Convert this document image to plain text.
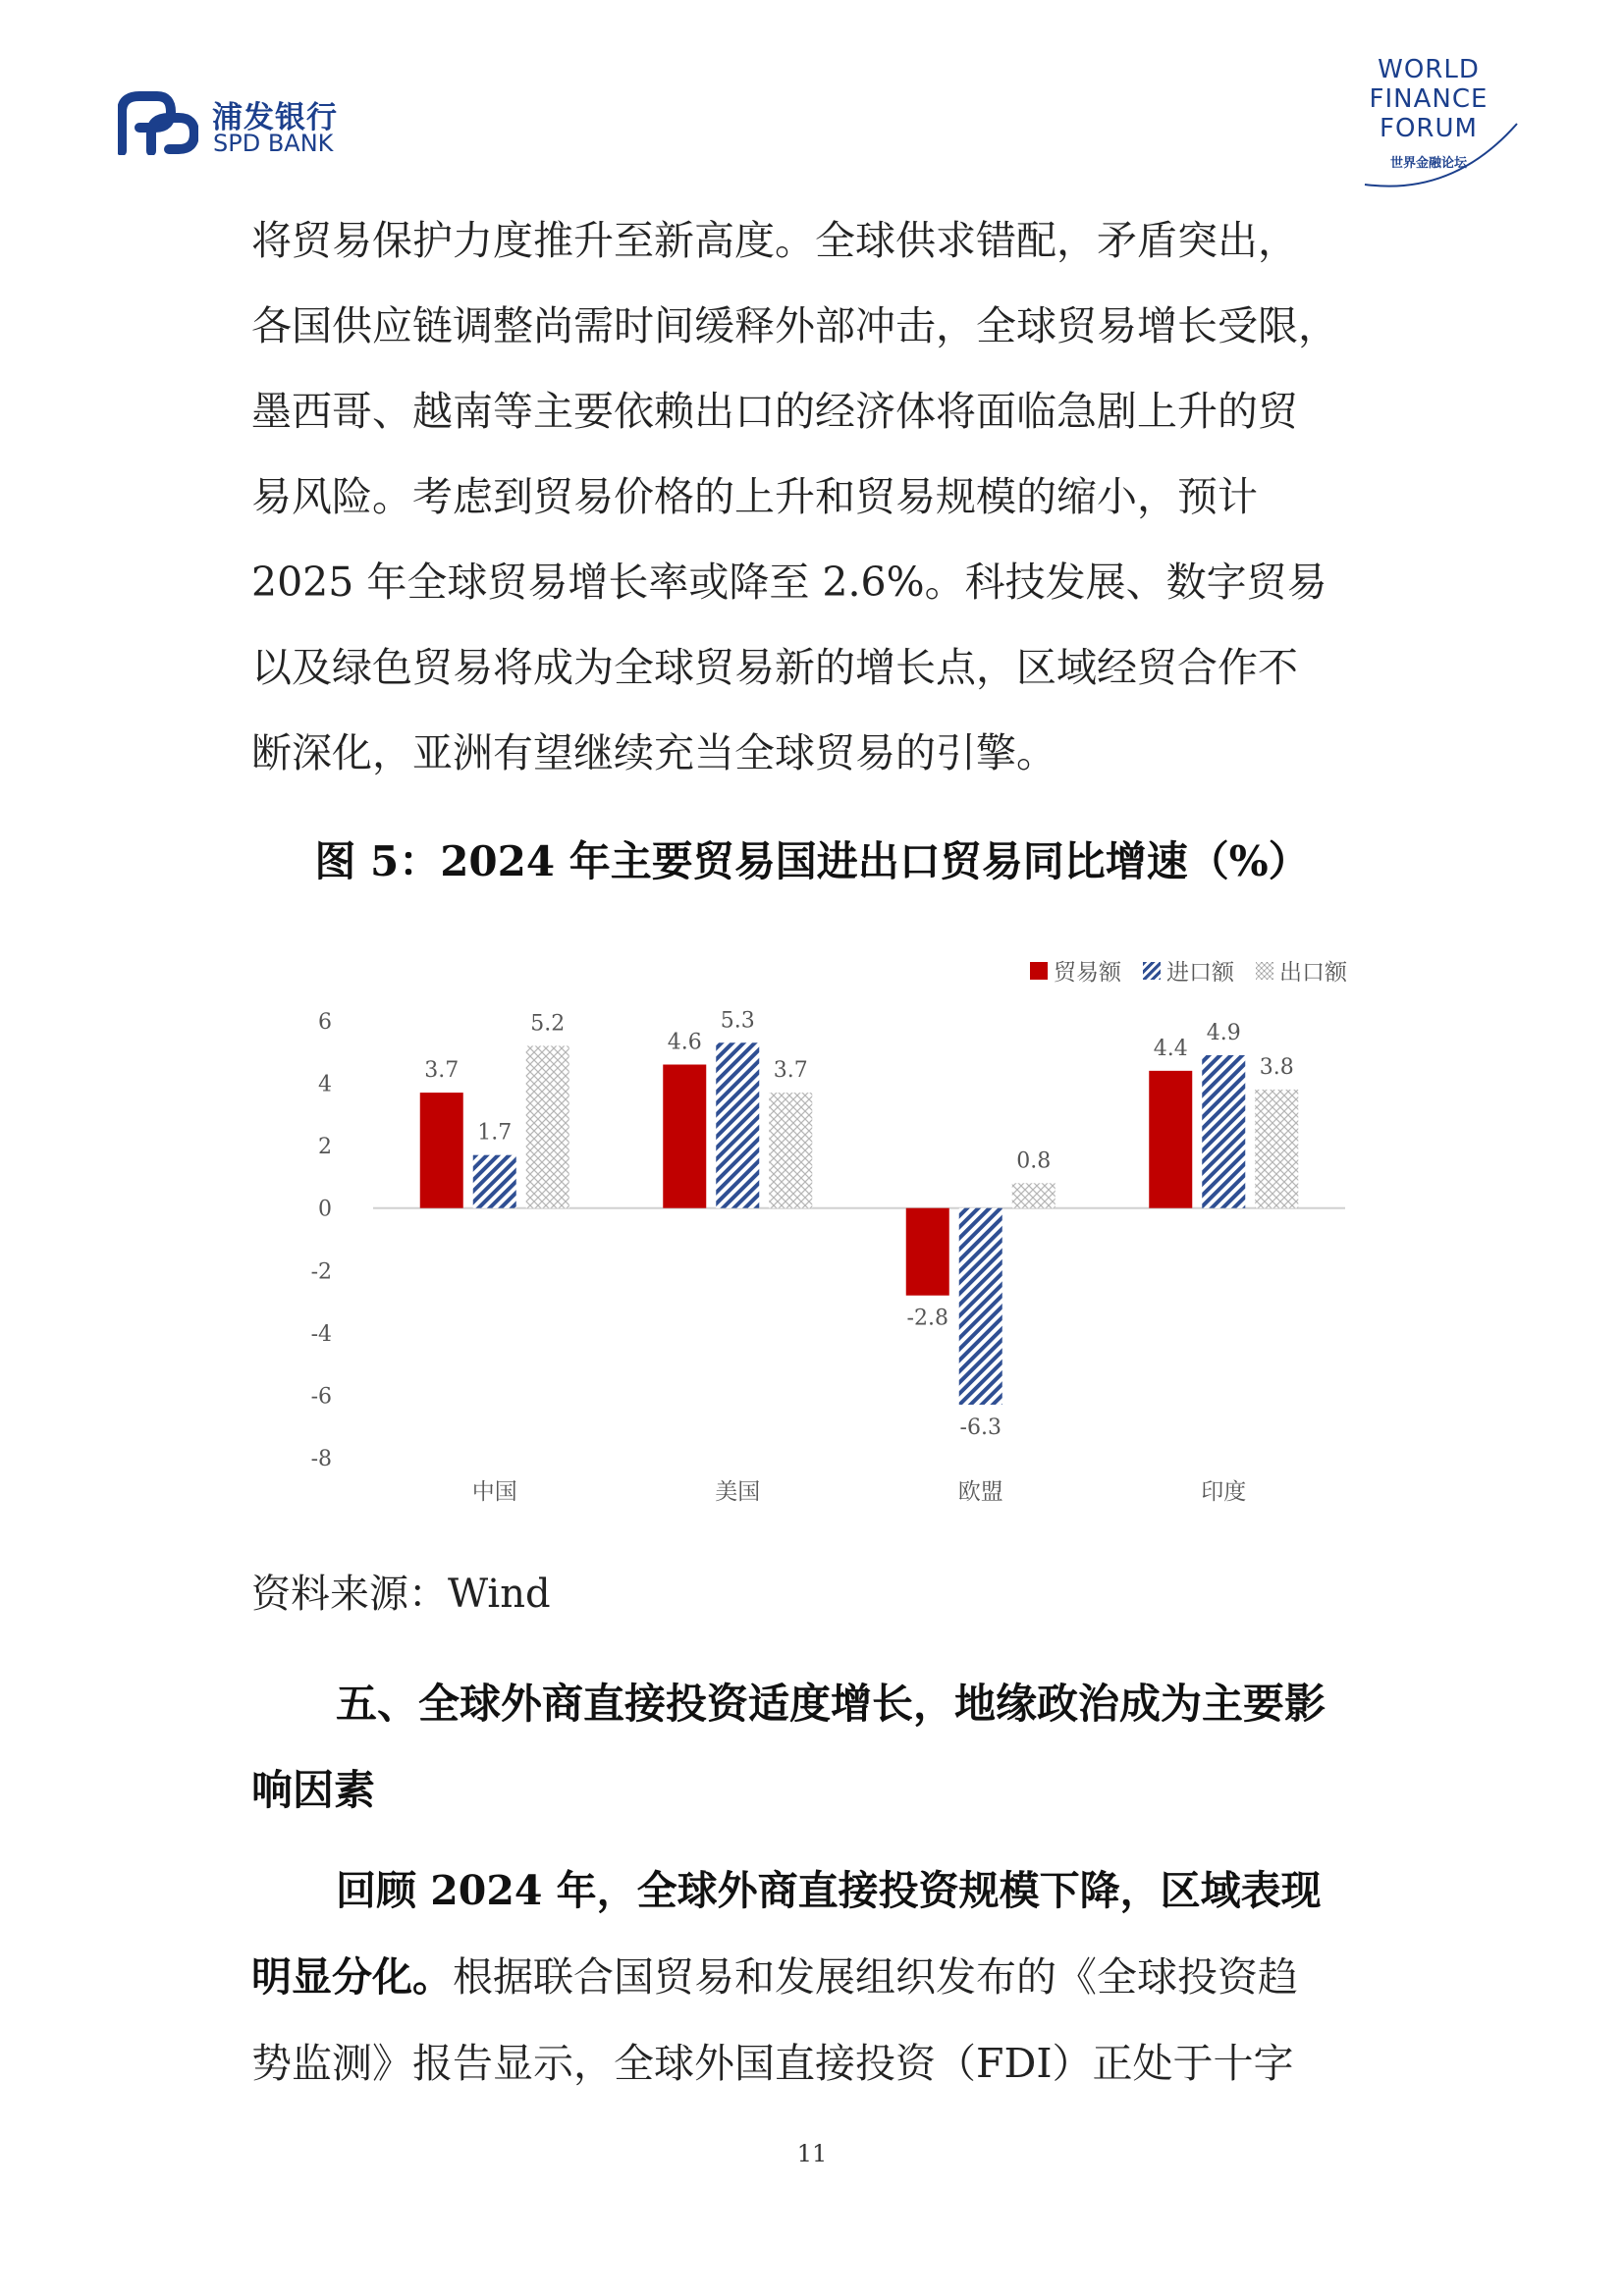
浦发银行
SPD BANK
WORLD
FINANCE
FORUM
世界金融论坛
将贸易保护力度推升至新高度。全球供求错配，矛盾突出，
各国供应链调整尚需时间缓释外部冲击，全球贸易增长受限，
墨西哥、越南等主要依赖出口的经济体将面临急剧上升的贸
易风险。考虑到贸易价格的上升和贸易规模的缩小，预计
2025 年全球贸易增长率或降至 2.6%。科技发展、数字贸易
以及绿色贸易将成为全球贸易新的增长点，区域经贸合作不
断深化，亚洲有望继续充当全球贸易的引擎。
图 5：2024 年主要贸易国进出口贸易同比增速（%）
6
4
2
0
-2
-4
-6
-8
中国
3.7
1.7
5.2
美国
4.6
5.3
3.7
欧盟
-2.8
-6.3
0.8
印度
4.4
4.9
3.8
贸易额 进口额 出口额
资料来源：Wind
五、全球外商直接投资适度增长，地缘政治成为主要影
响因素
回顾 2024 年，全球外商直接投资规模下降，区域表现
明显分化。根据联合国贸易和发展组织发布的《全球投资趋
势监测》报告显示，全球外国直接投资（FDI）正处于十字
11
